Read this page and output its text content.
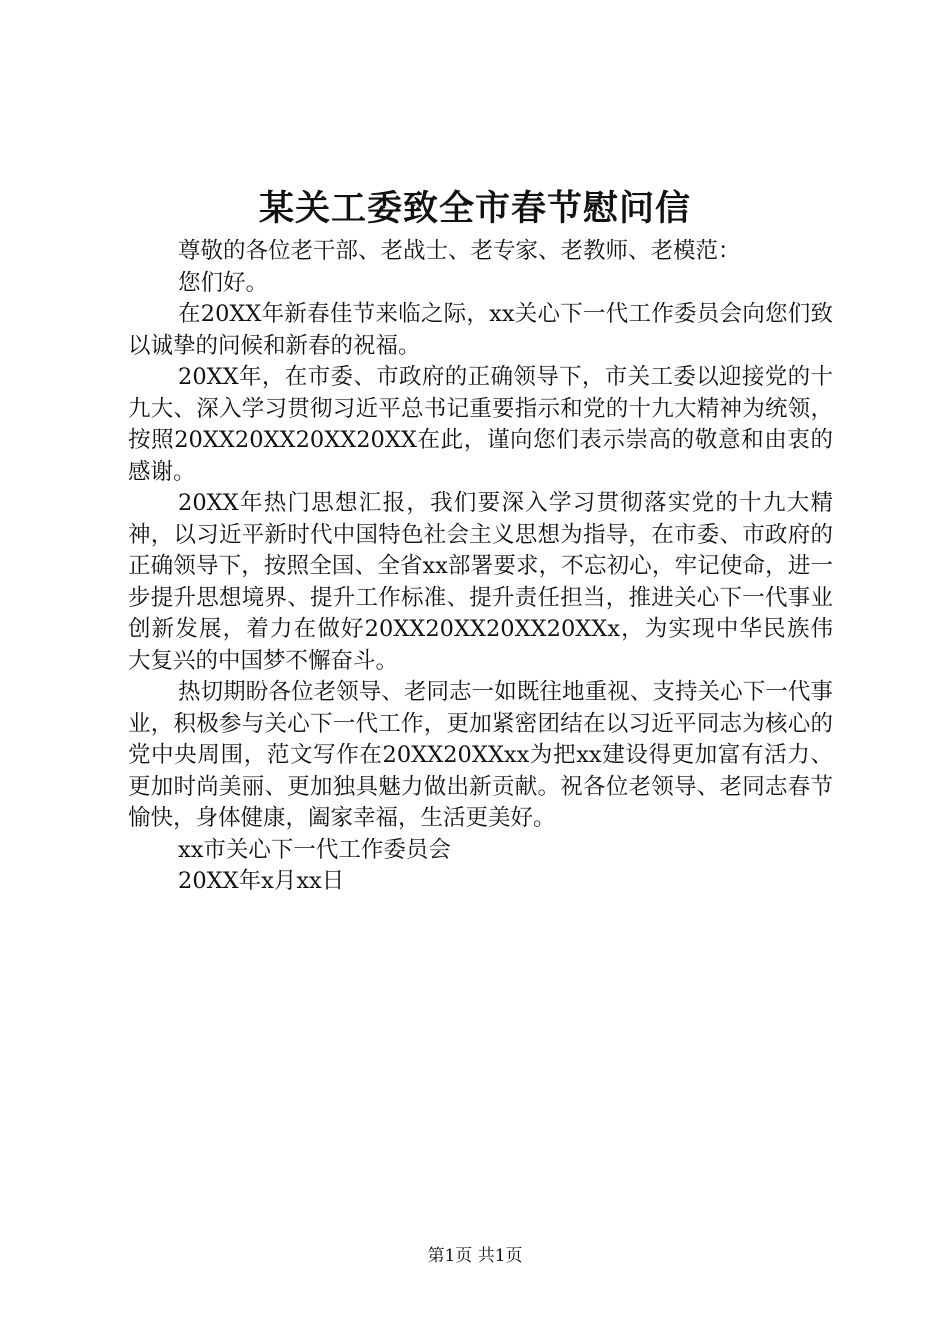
某关工委致全市春节慰问信

尊敬的各位老干部、老战士、老专家、老教师、老模范：

您们好。

在20XX年新春佳节来临之际，xx关心下一代工作委员会向您们致以诚挚的问候和新春的祝福。

20XX年，在市委、市政府的正确领导下，市关工委以迎接党的十九大、深入学习贯彻习近平总书记重要指示和党的十九大精神为统领，按照20XX20XX20XX20XX在此，谨向您们表示崇高的敬意和由衷的感谢。

20XX年热门思想汇报，我们要深入学习贯彻落实党的十九大精神，以习近平新时代中国特色社会主义思想为指导，在市委、市政府的正确领导下，按照全国、全省xx部署要求，不忘初心，牢记使命，进一步提升思想境界、提升工作标准、提升责任担当，推进关心下一代事业创新发展，着力在做好20XX20XX20XX20XXx，为实现中华民族伟大复兴的中国梦不懈奋斗。

热切期盼各位老领导、老同志一如既往地重视、支持关心下一代事业，积极参与关心下一代工作，更加紧密团结在以习近平同志为核心的党中央周围，范文写作在20XX20XXxx为把xx建设得更加富有活力、更加时尚美丽、更加独具魅力做出新贡献。祝各位老领导、老同志春节愉快，身体健康，阖家幸福，生活更美好。

xx市关心下一代工作委员会

20XX年x月xx日

第1页 共1页
